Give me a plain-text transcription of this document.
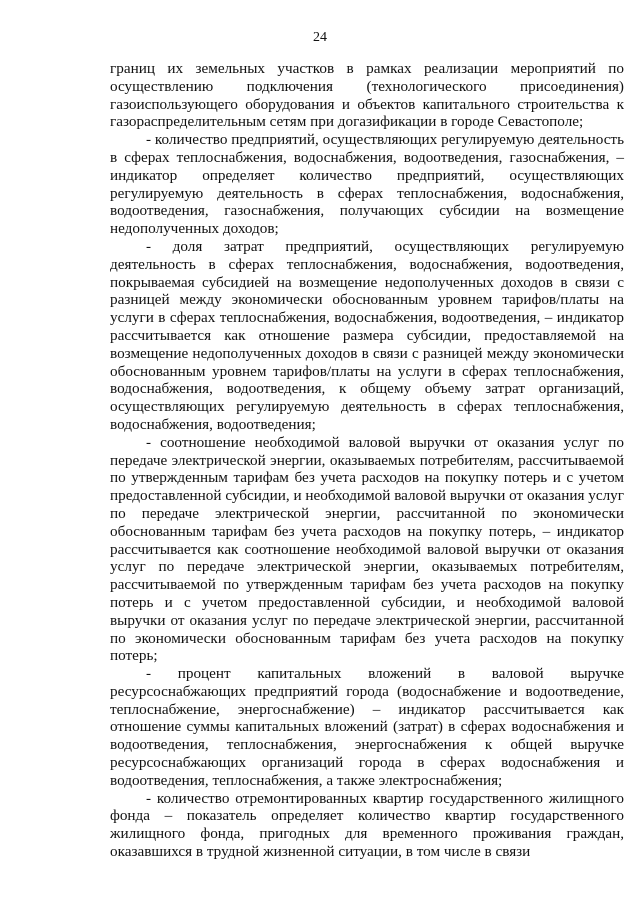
24

границ их земельных участков в рамках реализации мероприятий по осуществлению подключения (технологического присоединения) газоиспользующего оборудования и объектов капитального строительства к газораспределительным сетям при догазификации в городе Севастополе;

- количество предприятий, осуществляющих регулируемую деятельность в сферах теплоснабжения, водоснабжения, водоотведения, газоснабжения, – индикатор определяет количество предприятий, осуществляющих регулируемую деятельность в сферах теплоснабжения, водоснабжения, водоотведения, газоснабжения, получающих субсидии на возмещение недополученных доходов;

- доля затрат предприятий, осуществляющих регулируемую деятельность в сферах теплоснабжения, водоснабжения, водоотведения, покрываемая субсидией на возмещение недополученных доходов в связи с разницей между экономически обоснованным уровнем тарифов/платы на услуги в сферах теплоснабжения, водоснабжения, водоотведения, – индикатор рассчитывается как отношение размера субсидии, предоставляемой на возмещение недополученных доходов в связи с разницей между экономически обоснованным уровнем тарифов/платы на услуги в сферах теплоснабжения, водоснабжения, водоотведения, к общему объему затрат организаций, осуществляющих регулируемую деятельность в сферах теплоснабжения, водоснабжения, водоотведения;

- соотношение необходимой валовой выручки от оказания услуг по передаче электрической энергии, оказываемых потребителям, рассчитываемой по утвержденным тарифам без учета расходов на покупку потерь и с учетом предоставленной субсидии, и необходимой валовой выручки от оказания услуг по передаче электрической энергии, рассчитанной по экономически обоснованным тарифам без учета расходов на покупку потерь, – индикатор рассчитывается как соотношение необходимой валовой выручки от оказания услуг по передаче электрической энергии, оказываемых потребителям, рассчитываемой по утвержденным тарифам без учета расходов на покупку потерь и с учетом предоставленной субсидии, и необходимой валовой выручки от оказания услуг по передаче электрической энергии, рассчитанной по экономически обоснованным тарифам без учета расходов на покупку потерь;

- процент капитальных вложений в валовой выручке ресурсоснабжающих предприятий города (водоснабжение и водоотведение, теплоснабжение, энергоснабжение) – индикатор рассчитывается как отношение суммы капитальных вложений (затрат) в сферах водоснабжения и водоотведения, теплоснабжения, энергоснабжения к общей выручке ресурсоснабжающих организаций города в сферах водоснабжения и водоотведения, теплоснабжения, а также электроснабжения;

- количество отремонтированных квартир государственного жилищного фонда – показатель определяет количество квартир государственного жилищного фонда, пригодных для временного проживания граждан, оказавшихся в трудной жизненной ситуации, в том числе в связи
